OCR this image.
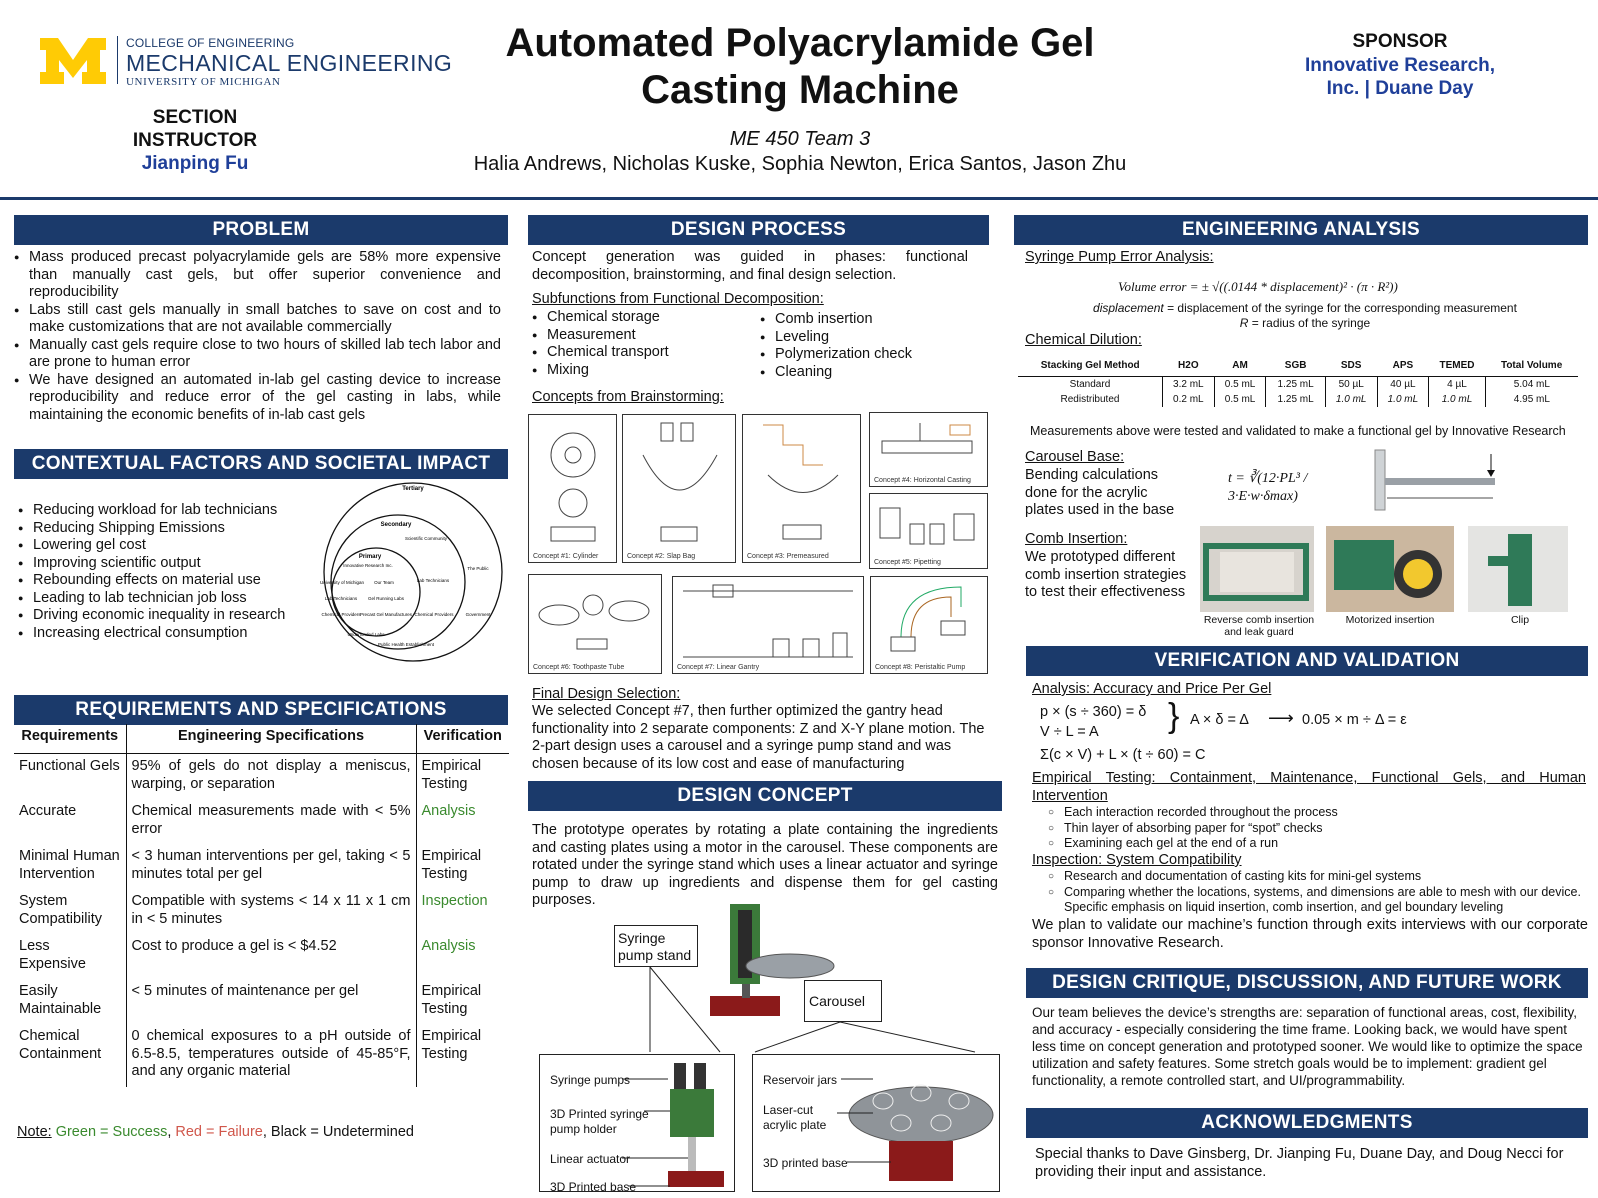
COLLEGE OF ENGINEERING
MECHANICAL ENGINEERING
UNIVERSITY OF MICHIGAN
SECTION
INSTRUCTOR
Jianping Fu
Automated Polyacrylamide Gel
Casting Machine
ME 450 Team 3
Halia Andrews, Nicholas Kuske, Sophia Newton, Erica Santos, Jason Zhu
SPONSOR
Innovative Research,
Inc. | Duane Day
PROBLEM
● Mass produced precast polyacrylamide gels are 58% more expensive than manually cast gels, but offer superior convenience and reproducibility
● Labs still cast gels manually in small batches to save on cost and to make customizations that are not available commercially
● Manually cast gels require close to two hours of skilled lab tech labor and are prone to human error
● We have designed an automated in-lab gel casting device to increase reproducibility and reduce error of the gel casting in labs, while maintaining the economic benefits of in-lab cast gels
CONTEXTUAL FACTORS AND SOCIETAL IMPACT
● Reducing workload for lab technicians
● Reducing Shipping Emissions
● Lowering gel cost
● Improving scientific output
● Rebounding effects on material use
● Leading to lab technician job loss
● Driving economic inequality in research
● Increasing electrical consumption
Tertiary
Secondary
Primary
Scientific Community
Innovative Research Inc.
University of Michigan Our Team	Lab Technicians
Lab Technicians Gel Running Labs
Chemical Providers Precast Gel Manufactures Chemical Providers
Underfunded Labs
Public Health Establishment
The Public
Government
REQUIREMENTS AND SPECIFICATIONS
Requirements	Engineering Specifications	Verification
Functional Gels	95% of gels do not display a meniscus, warping, or separation	Empirical Testing
Accurate	Chemical measurements made with < 5% error	Analysis
Minimal Human Intervention	< 3 human interventions per gel, taking < 5 minutes total per gel	Empirical Testing
System Compatibility	Compatible with systems < 14 x 11 x 1 cm in < 5 minutes	Inspection
Less Expensive	Cost to produce a gel is < $4.52	Analysis
Easily Maintainable	< 5 minutes of maintenance per gel	Empirical Testing
Chemical Containment	0 chemical exposures to a pH outside of 6.5-8.5, temperatures outside of 45-85°F, and any organic material	Empirical Testing
Note: Green = Success, Red = Failure, Black = Undetermined
DESIGN PROCESS
Concept generation was guided in phases: functional decomposition, brainstorming, and final design selection.
Subfunctions from Functional Decomposition:
● Chemical storage
● Measurement
● Chemical transport
● Mixing
● Comb insertion
● Leveling
● Polymerization check
● Cleaning
Concepts from Brainstorming:
Concept #1: Cylinder	Concept #2: Slap Bag	Concept #3: Premeasured
Concept #4: Horizontal Casting
Concept #5: Pipetting
Concept #6: Toothpaste Tube	Concept #7: Linear Gantry	Concept #8: Peristaltic Pump
Final Design Selection:
We selected Concept #7, then further optimized the gantry head functionality into 2 separate components: Z and X-Y plane motion. The 2-part design uses a carousel and a syringe pump stand and was chosen because of its low cost and ease of manufacturing
DESIGN CONCEPT
The prototype operates by rotating a plate containing the ingredients and casting plates using a motor in the carousel. These components are rotated under the syringe stand which uses a linear actuator and syringe pump to draw up ingredients and dispense them for gel casting purposes.
Syringe pump stand
Carousel
Syringe pumps
3D Printed syringe pump holder
Linear actuator
3D Printed base
Reservoir jars
Laser-cut acrylic plate
3D printed base
ENGINEERING ANALYSIS
Syringe Pump Error Analysis:
Volume error = ± √((.0144 * displacement)² · (π · R²))
displacement = displacement of the syringe for the corresponding measurement
R = radius of the syringe
Chemical Dilution:
Stacking Gel Method	H2O	AM	SGB	SDS	APS	TEMED	Total Volume
Standard	3.2 mL	0.5 mL	1.25 mL	50 µL	40 µL	4 µL	5.04 mL
Redistributed	0.2 mL	0.5 mL	1.25 mL	1.0 mL	1.0 mL	1.0 mL	4.95 mL
Measurements above were tested and validated to make a functional gel by Innovative Research
Carousel Base:
Bending calculations done for the acrylic plates used in the base
t = ∛(12·PL³ / 3·E·w·δmax)
Comb Insertion:
We prototyped different comb insertion strategies to test their effectiveness
Reverse comb insertion and leak guard
Motorized insertion	Clip
VERIFICATION AND VALIDATION
Analysis: Accuracy and Price Per Gel
p × (s ÷ 360) = δ
V ÷ L = A	} A × δ = Δ	⟶ 0.05 × m ÷ Δ = ε
Σ(c × V) + L × (t ÷ 60) = C
Empirical Testing: Containment, Maintenance, Functional Gels, and Human Intervention
○ Each interaction recorded throughout the process
○ Thin layer of absorbing paper for “spot” checks
○ Examining each gel at the end of a run
Inspection: System Compatibility
○ Research and documentation of casting kits for mini-gel systems
○ Comparing whether the locations, systems, and dimensions are able to mesh with our device. Specific emphasis on liquid insertion, comb insertion, and gel boundary leveling
We plan to validate our machine’s function through exits interviews with our corporate sponsor Innovative Research.
DESIGN CRITIQUE, DISCUSSION, AND FUTURE WORK
Our team believes the device’s strengths are: separation of functional areas, cost, flexibility, and accuracy - especially considering the time frame. Looking back, we would have spent less time on concept generation and prototyped sooner. We would like to optimize the space utilization and safety features. Some stretch goals would be to implement: gradient gel functionality, a remote controlled start, and UI/programmability.
ACKNOWLEDGMENTS
Special thanks to Dave Ginsberg, Dr. Jianping Fu, Duane Day, and Doug Necci for providing their input and assistance.
